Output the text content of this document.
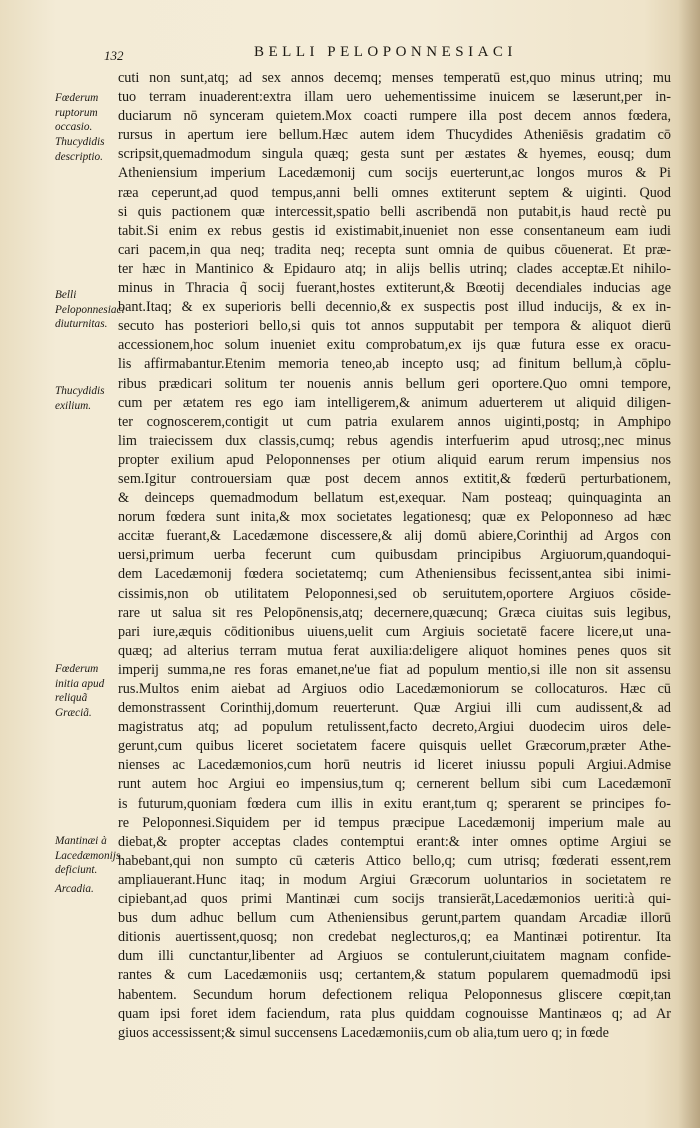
132	BELLI PELOPONNESIACI
Fœderum ruptorum occasio.
Thucydidis descriptio.
Belli Peloponnesiaci diuturnitas.
Thucydidis exilium.
Fœderum initia apud reliquã Græciã.
Mantinæi à Lacedæmonijs deficiunt.
Arcadia.
cuti non sunt,atq; ad sex annos decemq; menses temperatū est,quo minus utrinq; mu
tuo terram inuaderent:extra illam uero uehementissime inuicem se læserunt,per in-
duciarum nō synceram quietem.Mox coacti rumpere illa post decem annos fœdera,
rursus in apertum iere bellum.Hæc autem idem Thucydides Atheniēsis gradatim cō
scripsit,quemadmodum singula quæq; gesta sunt per æstates & hyemes, eousq; dum
Atheniensium imperium Lacedæmonij cum socijs euerterunt,ac longos muros & Pi
ræa ceperunt,ad quod tempus,anni belli omnes extiterunt septem & uiginti. Quod
si quis pactionem quæ intercessit,spatio belli ascribendā non putabit,is haud rectè pu
tabit.Si enim ex rebus gestis id existimabit,inueniet non esse consentaneum eam iudi
cari pacem,in qua neq; tradita neq; recepta sunt omnia de quibus cōuenerat. Et præ-
ter hæc in Mantinico & Epidauro atq; in alijs bellis utrinq; clades acceptæ.Et nihilo-
minus in Thracia q̃ socij fuerant,hostes extiterunt,& Bœotij decendiales inducias age
bant.Itaq; & ex superioris belli decennio,& ex suspectis post illud inducijs, & ex in-
secuto has posteriori bello,si quis tot annos supputabit per tempora & aliquot dierū
accessionem,hoc solum inueniet exitu comprobatum,ex ijs quæ futura esse ex oracu-
lis affirmabantur.Etenim memoria teneo,ab incepto usq; ad finitum bellum,à cōplu-
ribus prædicari solitum ter nouenis annis bellum geri oportere.Quo omni tempore,
cum per ætatem res ego iam intelligerem,& animum aduerterem ut aliquid diligen-
ter cognoscerem,contigit ut cum patria exularem annos uiginti,postq; in Amphipo
lim traiecissem dux classis,cumq; rebus agendis interfuerim apud utrosq;,nec minus
propter exilium apud Peloponnenses per otium aliquid earum rerum impensius nos
sem.Igitur controuersiam quæ post decem annos extitit,& fœderū perturbationem,
& deinceps quemadmodum bellatum est,exequar. Nam posteaq; quinquaginta an
norum fœdera sunt inita,& mox societates legationesq; quæ ex Peloponneso ad hæc
accitæ fuerant,& Lacedæmone discessere,& alij domū abiere,Corinthij ad Argos con
uersi,primum uerba fecerunt cum quibusdam principibus Argiuorum,quandoqui-
dem Lacedæmonij fœdera societatemq; cum Atheniensibus fecissent,antea sibi inimi-
cissimis,non ob utilitatem Peloponnesi,sed ob seruitutem,oportere Argiuos cōside-
rare ut salua sit res Pelopōnensis,atq; decernere,quæcunq; Græca ciuitas suis legibus,
pari iure,æquis cōditionibus uiuens,uelit cum Argiuis societatē facere licere,ut una-
quæq; ad alterius terram mutua ferat auxilia:deligere aliquot homines penes quos sit
imperij summa,ne res foras emanet,ne'ue fiat ad populum mentio,si ille non sit assensu
rus.Multos enim aiebat ad Argiuos odio Lacedæmoniorum se collocaturos. Hæc cū
demonstrassent Corinthij,domum reuerterunt. Quæ Argiui illi cum audissent,& ad
magistratus atq; ad populum retulissent,facto decreto,Argiui duodecim uiros dele-
gerunt,cum quibus liceret societatem facere quisquis uellet Græcorum,præter Athe-
nienses ac Lacedæmonios,cum horū neutris id liceret iniussu populi Argiui.Admise
runt autem hoc Argiui eo impensius,tum q; cernerent bellum sibi cum Lacedæmonī
is futurum,quoniam fœdera cum illis in exitu erant,tum q; sperarent se principes fo-
re Peloponnesi.Siquidem per id tempus præcipue Lacedæmonij imperium male au
diebat,& propter acceptas clades contemptui erant:& inter omnes optime Argiui se
habebant,qui non sumpto cū cæteris Attico bello,q; cum utrisq; fœderati essent,rem
ampliauerant.Hunc itaq; in modum Argiui Græcorum uoluntarios in societatem re
cipiebant,ad quos primi Mantinæi cum socijs transierāt,Lacedæmonios ueriti:à qui-
bus dum adhuc bellum cum Atheniensibus gerunt,partem quandam Arcadiæ illorū
ditionis auertissent,quosq; non credebat neglecturos,q; ea Mantinæi potirentur. Ita
dum illi cunctantur,libenter ad Argiuos se contulerunt,ciuitatem magnam confide-
rantes & cum Lacedæmoniis usq; certantem,& statum popularem quemadmodū ipsi
habentem. Secundum horum defectionem reliqua Peloponnesus gliscere cœpit,tan
quam ipsi foret idem faciendum, rata plus quiddam cognouisse Mantinæos q; ad Ar
giuos accessissent;& simul succensens Lacedæmoniis,cum ob alia,tum uero q; in fœde
